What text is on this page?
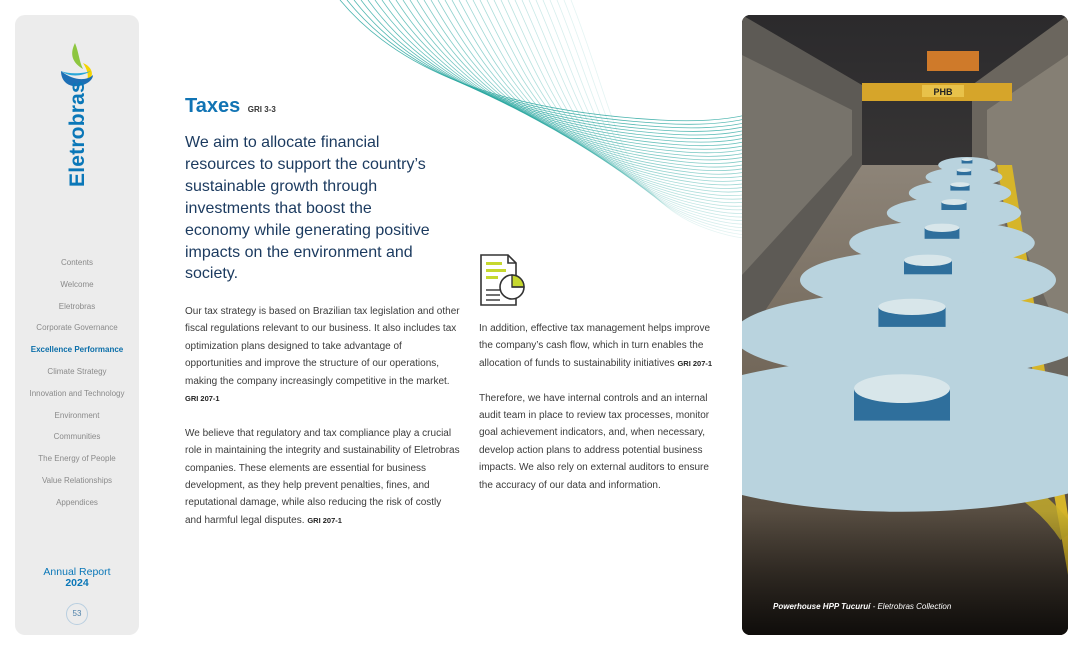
Eletrobras
Contents
Welcome
Eletrobras
Corporate Governance
Excellence Performance
Climate Strategy
Innovation and Technology
Environment
Communities
The Energy of People
Value Relationships
Appendices
Annual Report
2024
53
Taxes GRI 3-3

We aim to allocate financial resources to support the country’s sustainable growth through investments that boost the economy while generating positive impacts on the environment and society.

Our tax strategy is based on Brazilian tax legislation and other fiscal regulations relevant to our business. It also includes tax optimization plans designed to take advantage of opportunities and improve the structure of our operations, making the company increasingly competitive in the market. GRI 207-1

We believe that regulatory and tax compliance play a crucial role in maintaining the integrity and sustainability of Eletrobras companies. These elements are essential for business development, as they help prevent penalties, fines, and reputational damage, while also reducing the risk of costly and harmful legal disputes. GRI 207-1

In addition, effective tax management helps improve the company’s cash flow, which in turn enables the allocation of funds to sustainability initiatives GRI 207-1

Therefore, we have internal controls and an internal audit team in place to review tax processes, monitor goal achievement indicators, and, when necessary, develop action plans to address potential business impacts. We also rely on external auditors to ensure the accuracy of our data and information.

Powerhouse HPP Tucuruí - Eletrobras Collection
